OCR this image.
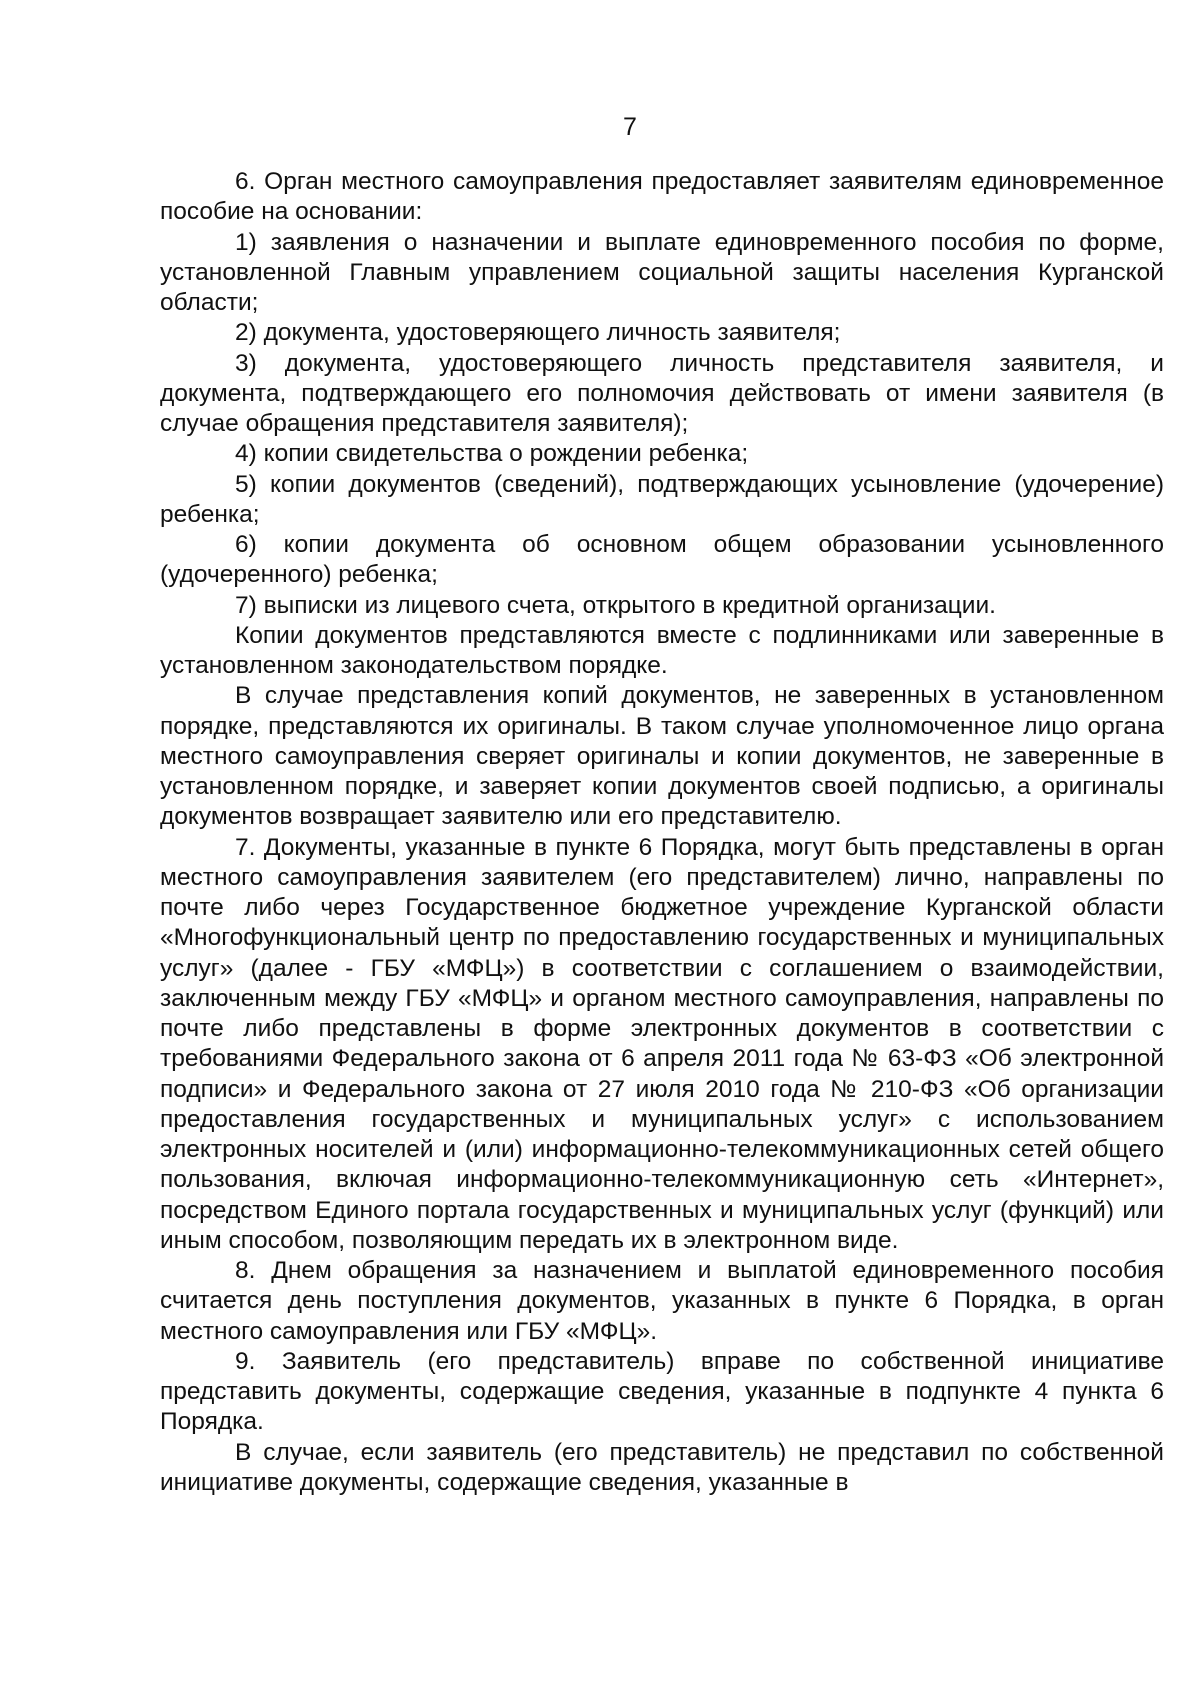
7

6. Орган местного самоуправления предоставляет заявителям единовременное пособие на основании:

1) заявления о назначении и выплате единовременного пособия по форме, установленной Главным управлением социальной защиты населения Курганской области;

2) документа, удостоверяющего личность заявителя;

3) документа, удостоверяющего личность представителя заявителя, и документа, подтверждающего его полномочия действовать от имени заявителя (в случае обращения представителя заявителя);

4) копии свидетельства о рождении ребенка;

5) копии документов (сведений), подтверждающих усыновление (удочерение) ребенка;

6) копии документа об основном общем образовании усыновленного (удочеренного) ребенка;

7) выписки из лицевого счета, открытого в кредитной организации.

Копии документов представляются вместе с подлинниками или заверенные в установленном законодательством порядке.

В случае представления копий документов, не заверенных в установленном порядке, представляются их оригиналы. В таком случае уполномоченное лицо органа местного самоуправления сверяет оригиналы и копии документов, не заверенные в установленном порядке, и заверяет копии документов своей подписью, а оригиналы документов возвращает заявителю или его представителю.

7. Документы, указанные в пункте 6 Порядка, могут быть представлены в орган местного самоуправления заявителем (его представителем) лично, направлены по почте либо через Государственное бюджетное учреждение Курганской области «Многофункциональный центр по предоставлению государственных и муниципальных услуг» (далее - ГБУ «МФЦ») в соответствии с соглашением о взаимодействии, заключенным между ГБУ «МФЦ» и органом местного самоуправления, направлены по почте либо представлены в форме электронных документов в соответствии с требованиями Федерального закона от 6 апреля 2011 года № 63-ФЗ «Об электронной подписи» и Федерального закона от 27 июля 2010 года № 210-ФЗ «Об организации предоставления государственных и муниципальных услуг» с использованием электронных носителей и (или) информационно-телекоммуникационных сетей общего пользования, включая информационно-телекоммуникационную сеть «Интернет», посредством Единого портала государственных и муниципальных услуг (функций) или иным способом, позволяющим передать их в электронном виде.

8. Днем обращения за назначением и выплатой единовременного пособия считается день поступления документов, указанных в пункте 6 Порядка, в орган местного самоуправления или ГБУ «МФЦ».

9. Заявитель (его представитель) вправе по собственной инициативе представить документы, содержащие сведения, указанные в подпункте 4 пункта 6 Порядка.

В случае, если заявитель (его представитель) не представил по собственной инициативе документы, содержащие сведения, указанные в
